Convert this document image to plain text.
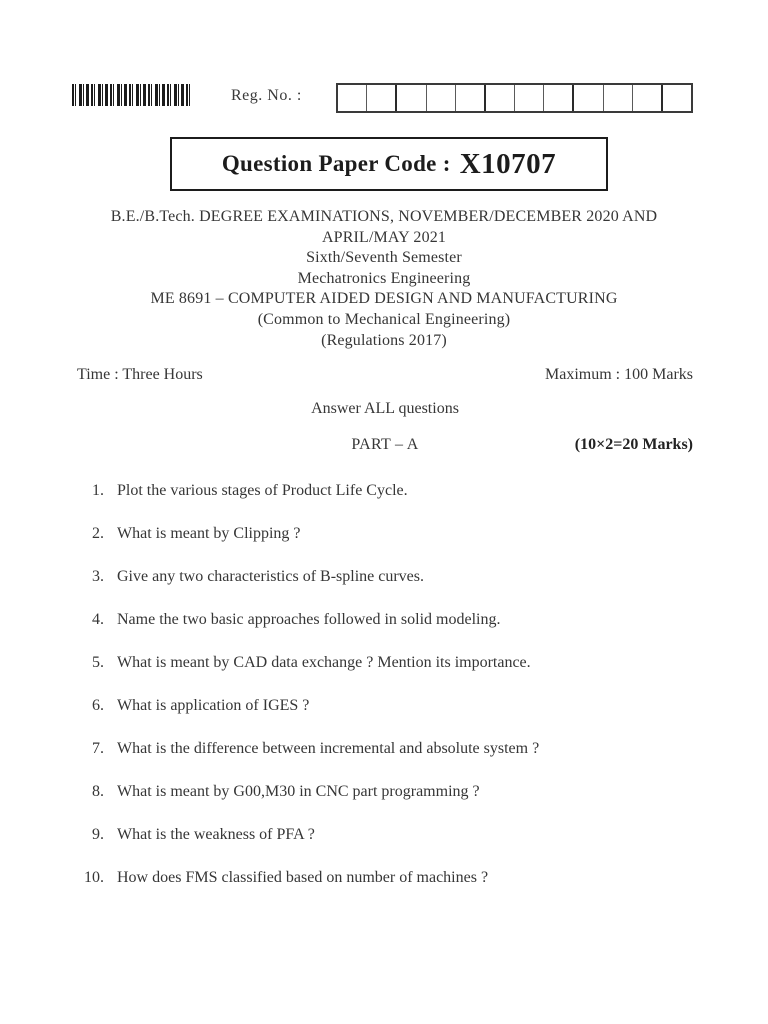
Reg. No. :
Question Paper Code : X10707
B.E./B.Tech. DEGREE EXAMINATIONS, NOVEMBER/DECEMBER 2020 AND
APRIL/MAY 2021
Sixth/Seventh Semester
Mechatronics Engineering
ME 8691 – COMPUTER AIDED DESIGN AND MANUFACTURING
(Common to Mechanical Engineering)
(Regulations 2017)
Time : Three Hours	Maximum : 100 Marks
Answer ALL questions
PART – A	(10×2=20 Marks)
1. Plot the various stages of Product Life Cycle.
2. What is meant by Clipping ?
3. Give any two characteristics of B-spline curves.
4. Name the two basic approaches followed in solid modeling.
5. What is meant by CAD data exchange ? Mention its importance.
6. What is application of IGES ?
7. What is the difference between incremental and absolute system ?
8. What is meant by G00,M30 in CNC part programming ?
9. What is the weakness of PFA ?
10. How does FMS classified based on number of machines ?
